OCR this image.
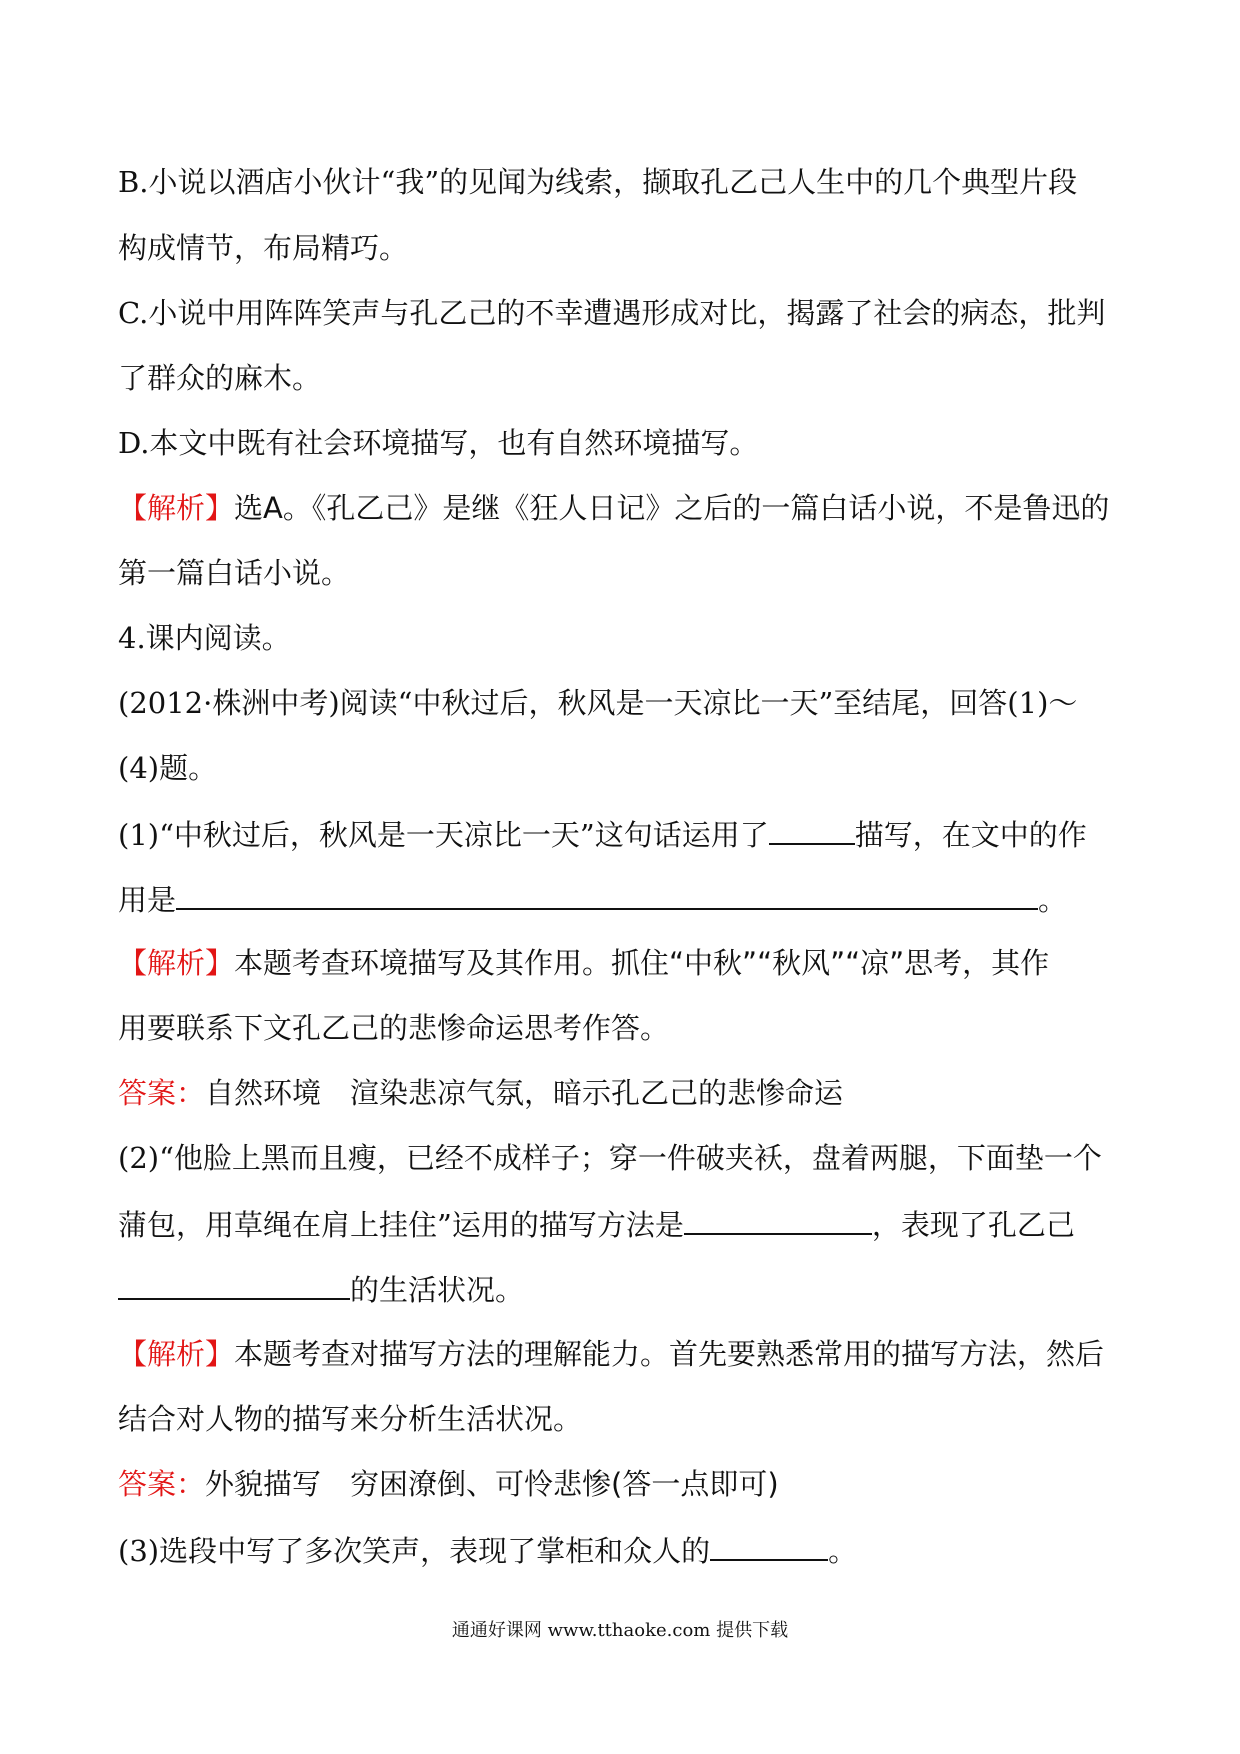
B.小说以酒店小伙计“我”的见闻为线索，撷取孔乙己人生中的几个典型片段
构成情节，布局精巧。
C.小说中用阵阵笑声与孔乙己的不幸遭遇形成对比，揭露了社会的病态，批判
了群众的麻木。
D.本文中既有社会环境描写，也有自然环境描写。
【解析】选A。《孔乙己》是继《狂人日记》之后的一篇白话小说，不是鲁迅的
第一篇白话小说。
4.课内阅读。
(2012·株洲中考)阅读“中秋过后，秋风是一天凉比一天”至结尾，回答(1)～
(4)题。
(1)“中秋过后，秋风是一天凉比一天”这句话运用了	描写，在文中的作
用是	。
【解析】本题考查环境描写及其作用。抓住“中秋”“秋风”“凉”思考，其作
用要联系下文孔乙己的悲惨命运思考作答。
答案：自然环境　渲染悲凉气氛，暗示孔乙己的悲惨命运
(2)“他脸上黑而且瘦，已经不成样子；穿一件破夹袄，盘着两腿，下面垫一个
蒲包，用草绳在肩上挂住”运用的描写方法是	，表现了孔乙己
的生活状况。
【解析】本题考查对描写方法的理解能力。首先要熟悉常用的描写方法，然后
结合对人物的描写来分析生活状况。
答案：外貌描写　穷困潦倒、可怜悲惨(答一点即可)
(3)选段中写了多次笑声，表现了掌柜和众人的	。
通通好课网 www.tthaoke.com 提供下载
